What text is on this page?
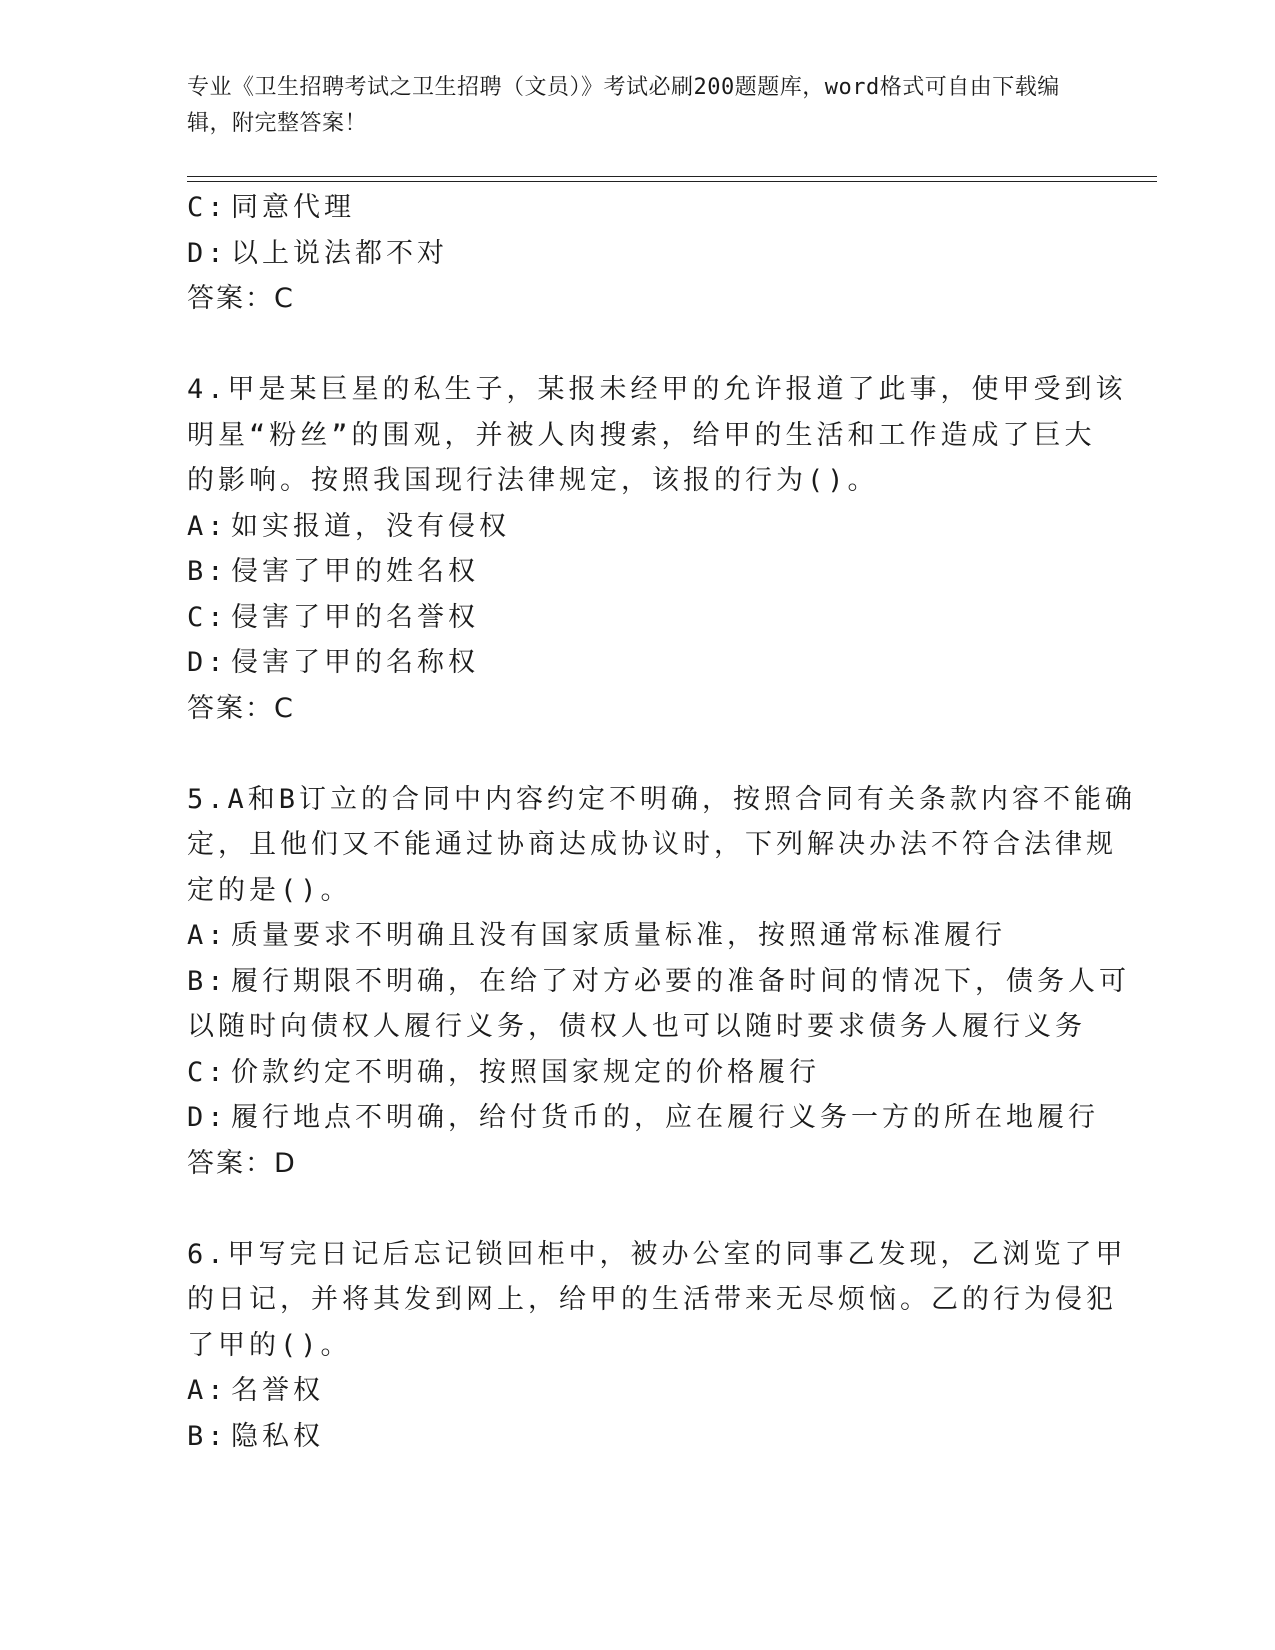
专业《卫生招聘考试之卫生招聘（文员）》考试必刷200题题库，word格式可自由下载编辑，附完整答案！
C: 同意代理
D: 以上说法都不对
答案：C
4.甲是某巨星的私生子，某报未经甲的允许报道了此事，使甲受到该
明星“粉丝”的围观，并被人肉搜索，给甲的生活和工作造成了巨大
的影响。按照我国现行法律规定，该报的行为()。
A: 如实报道，没有侵权
B: 侵害了甲的姓名权
C: 侵害了甲的名誉权
D: 侵害了甲的名称权
答案：C
5.A和B订立的合同中内容约定不明确，按照合同有关条款内容不能确
定，且他们又不能通过协商达成协议时，下列解决办法不符合法律规
定的是()。
A: 质量要求不明确且没有国家质量标准，按照通常标准履行
B: 履行期限不明确，在给了对方必要的准备时间的情况下，债务人可
以随时向债权人履行义务，债权人也可以随时要求债务人履行义务
C: 价款约定不明确，按照国家规定的价格履行
D: 履行地点不明确，给付货币的，应在履行义务一方的所在地履行
答案：D
6.甲写完日记后忘记锁回柜中，被办公室的同事乙发现，乙浏览了甲
的日记，并将其发到网上，给甲的生活带来无尽烦恼。乙的行为侵犯
了甲的()。
A: 名誉权
B: 隐私权
